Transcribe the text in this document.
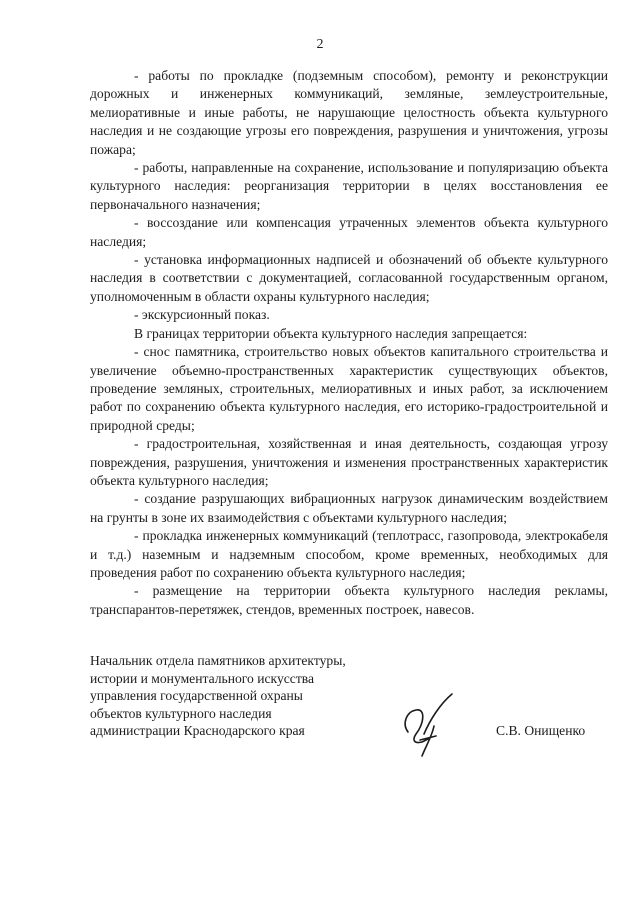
2

- работы по прокладке (подземным способом), ремонту и реконструкции дорожных и инженерных коммуникаций, земляные, землеустроительные, мелиоративные и иные работы, не нарушающие целостность объекта культурного наследия и не создающие угрозы его повреждения, разрушения и уничтожения, угрозы пожара;

- работы, направленные на сохранение, использование и популяризацию объекта культурного наследия: реорганизация территории в целях восстановления ее первоначального назначения;

- воссоздание или компенсация утраченных элементов объекта культурного наследия;

- установка информационных надписей и обозначений об объекте культурного наследия в соответствии с документацией, согласованной государственным органом, уполномоченным в области охраны культурного наследия;

- экскурсионный показ.

В границах территории объекта культурного наследия запрещается:

- снос памятника, строительство новых объектов капитального строительства и увеличение объемно-пространственных характеристик существующих объектов, проведение земляных, строительных, мелиоративных и иных работ, за исключением работ по сохранению объекта культурного наследия, его историко-градостроительной и природной среды;

- градостроительная, хозяйственная и иная деятельность, создающая угрозу повреждения, разрушения, уничтожения и изменения пространственных характеристик объекта культурного наследия;

- создание разрушающих вибрационных нагрузок динамическим воздействием на грунты в зоне их взаимодействия с объектами культурного наследия;

- прокладка инженерных коммуникаций (теплотрасс, газопровода, электрокабеля и т.д.) наземным и надземным способом, кроме временных, необходимых для проведения работ по сохранению объекта культурного наследия;

- размещение на территории объекта культурного наследия рекламы, транспарантов-перетяжек, стендов, временных построек, навесов.

Начальник отдела памятников архитектуры,
истории и монументального искусства
управления государственной охраны
объектов культурного наследия
администрации Краснодарского края	С.В. Онищенко
